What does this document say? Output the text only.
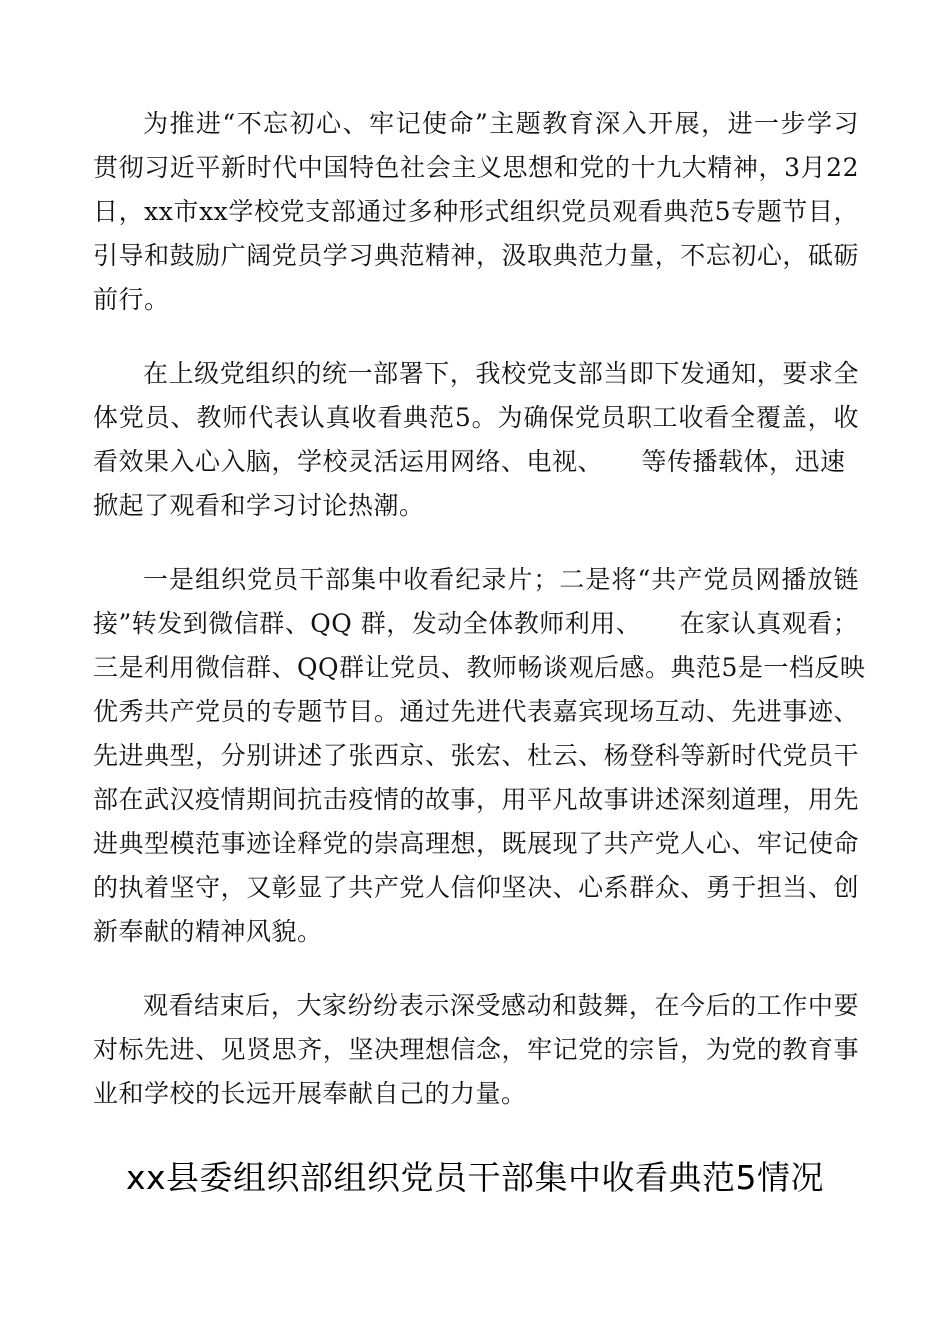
为推进“不忘初心、牢记使命”主题教育深入开展，进一步学习
贯彻习近平新时代中国特色社会主义思想和党的十九大精神，3月22
日，xx市xx学校党支部通过多种形式组织党员观看典范5专题节目，
引导和鼓励广阔党员学习典范精神，汲取典范力量，不忘初心，砥砺
前行。
在上级党组织的统一部署下，我校党支部当即下发通知，要求全
体党员、教师代表认真收看典范5。为确保党员职工收看全覆盖，收
看效果入心入脑，学校灵活运用网络、电视、　　等传播载体，迅速
掀起了观看和学习讨论热潮。
一是组织党员干部集中收看纪录片；二是将“共产党员网播放链
接”转发到微信群、QQ 群，发动全体教师利用、　　在家认真观看；
三是利用微信群、QQ群让党员、教师畅谈观后感。典范5是一档反映
优秀共产党员的专题节目。通过先进代表嘉宾现场互动、先进事迹、
先进典型，分别讲述了张西京、张宏、杜云、杨登科等新时代党员干
部在武汉疫情期间抗击疫情的故事，用平凡故事讲述深刻道理，用先
进典型模范事迹诠释党的崇高理想，既展现了共产党人心、牢记使命
的执着坚守，又彰显了共产党人信仰坚决、心系群众、勇于担当、创
新奉献的精神风貌。
观看结束后，大家纷纷表示深受感动和鼓舞，在今后的工作中要
对标先进、见贤思齐，坚决理想信念，牢记党的宗旨，为党的教育事
业和学校的长远开展奉献自己的力量。
xx县委组织部组织党员干部集中收看典范5情况
